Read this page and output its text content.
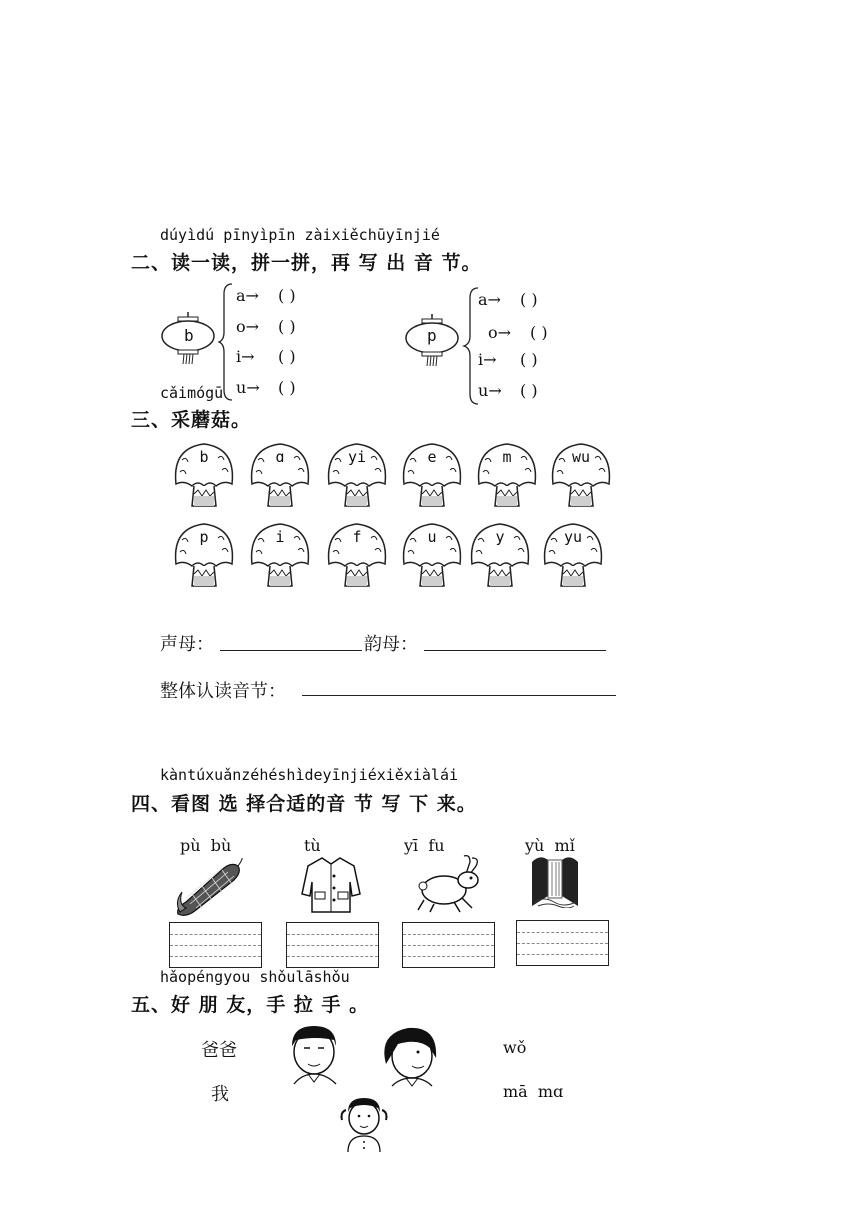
dúyìdú pīnyìpīn zàixiěchūyīnjié
二、读一读，拼一拼，再 写 出 音 节。
b
a→ ( )
o→ ( )
i→ ( )
u→ ( )
p
a→ ( )
o→ ( )
i→ ( )
u→ ( )
cǎimógū
三、采蘑菇。
b	ɑ	yi	e	m	wu
p	i	f	u	y	yu
声母：	韵母：
整体认读音节：
kàntúxuǎnzéhéshìdeyīnjiéxiěxiàlái
四、看图 选 择合适的音 节 写 下 来。
pù  bù	tù	yī  fu	yù  mǐ
hǎopéngyou shǒulāshǒu
五、好 朋 友，手 拉 手 。
爸爸
我
wǒ
mā  mɑ
